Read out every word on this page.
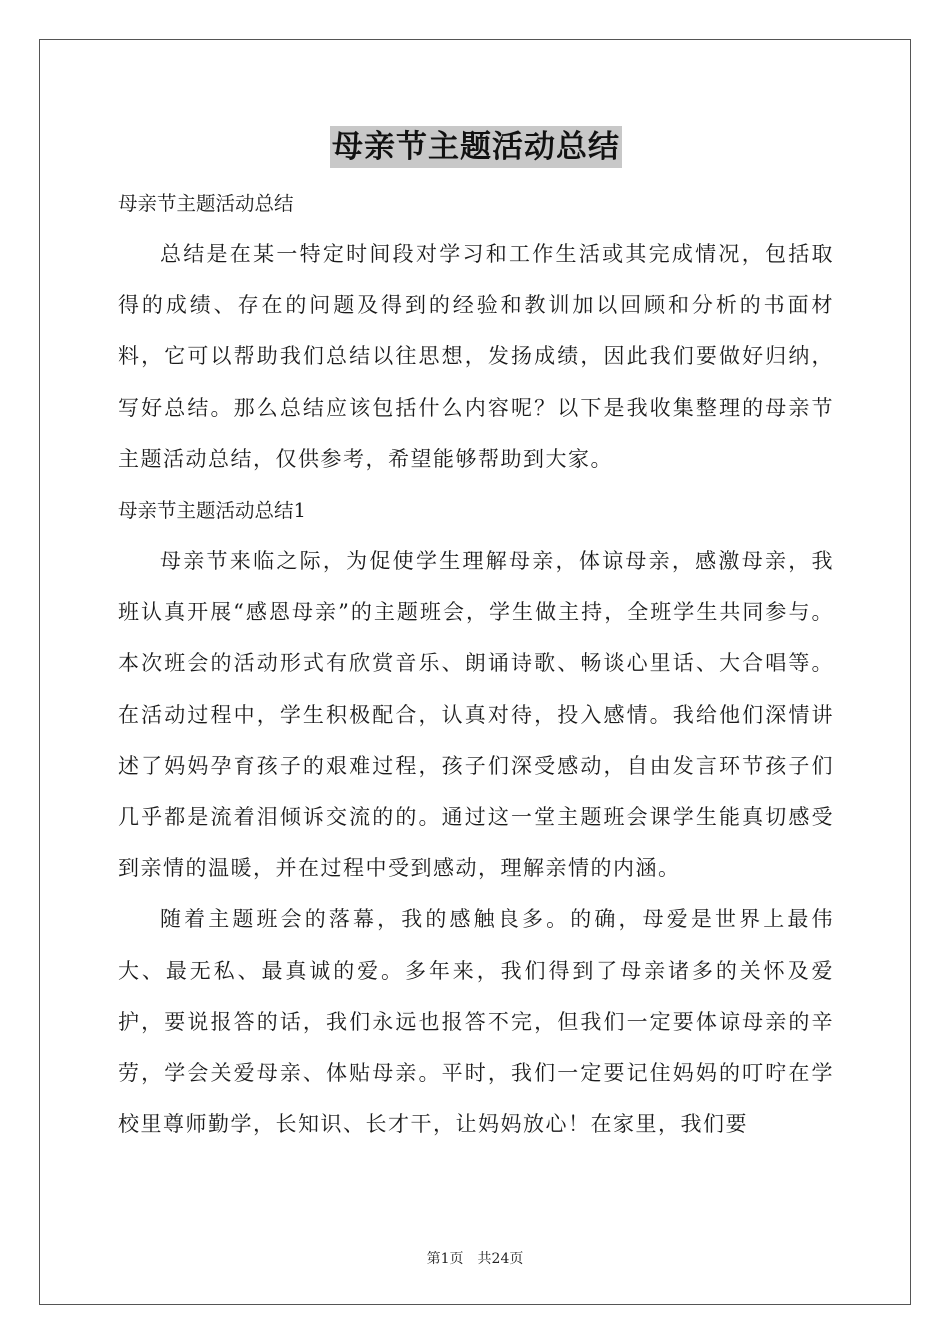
母亲节主题活动总结

母亲节主题活动总结

总结是在某一特定时间段对学习和工作生活或其完成情况，包括取得的成绩、存在的问题及得到的经验和教训加以回顾和分析的书面材料，它可以帮助我们总结以往思想，发扬成绩，因此我们要做好归纳，写好总结。那么总结应该包括什么内容呢？以下是我收集整理的母亲节主题活动总结，仅供参考，希望能够帮助到大家。

母亲节主题活动总结1

母亲节来临之际，为促使学生理解母亲，体谅母亲，感激母亲，我班认真开展“感恩母亲”的主题班会，学生做主持，全班学生共同参与。本次班会的活动形式有欣赏音乐、朗诵诗歌、畅谈心里话、大合唱等。在活动过程中，学生积极配合，认真对待，投入感情。我给他们深情讲述了妈妈孕育孩子的艰难过程，孩子们深受感动，自由发言环节孩子们几乎都是流着泪倾诉交流的的。通过这一堂主题班会课学生能真切感受到亲情的温暖，并在过程中受到感动，理解亲情的内涵。

随着主题班会的落幕，我的感触良多。的确，母爱是世界上最伟大、最无私、最真诚的爱。多年来，我们得到了母亲诸多的关怀及爱护，要说报答的话，我们永远也报答不完，但我们一定要体谅母亲的辛劳，学会关爱母亲、体贴母亲。平时，我们一定要记住妈妈的叮咛在学校里尊师勤学，长知识、长才干，让妈妈放心！在家里，我们要

第1页　共24页
